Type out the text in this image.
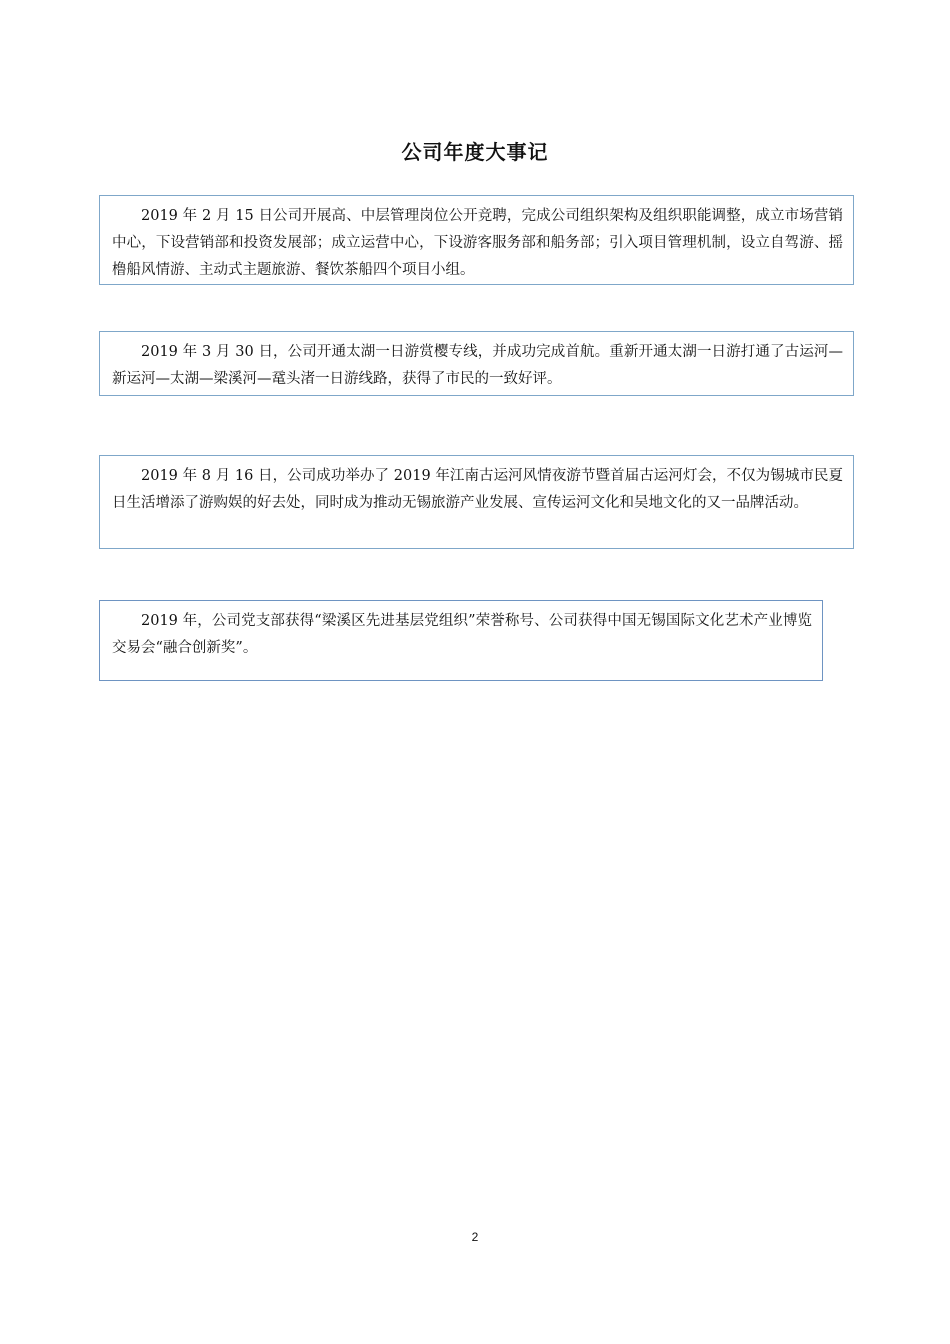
公司年度大事记

2019 年 2 月 15 日公司开展高、中层管理岗位公开竞聘，完成公司组织架构及组织职能调整，成立市场营销中心，下设营销部和投资发展部；成立运营中心，下设游客服务部和船务部；引入项目管理机制，设立自驾游、摇橹船风情游、主动式主题旅游、餐饮茶船四个项目小组。

2019 年 3 月 30 日，公司开通太湖一日游赏樱专线，并成功完成首航。重新开通太湖一日游打通了古运河—新运河—太湖—梁溪河—鼋头渚一日游线路，获得了市民的一致好评。

2019 年 8 月 16 日，公司成功举办了 2019 年江南古运河风情夜游节暨首届古运河灯会，不仅为锡城市民夏日生活增添了游购娱的好去处，同时成为推动无锡旅游产业发展、宣传运河文化和吴地文化的又一品牌活动。

2019 年，公司党支部获得“梁溪区先进基层党组织”荣誉称号、公司获得中国无锡国际文化艺术产业博览交易会“融合创新奖”。

2
